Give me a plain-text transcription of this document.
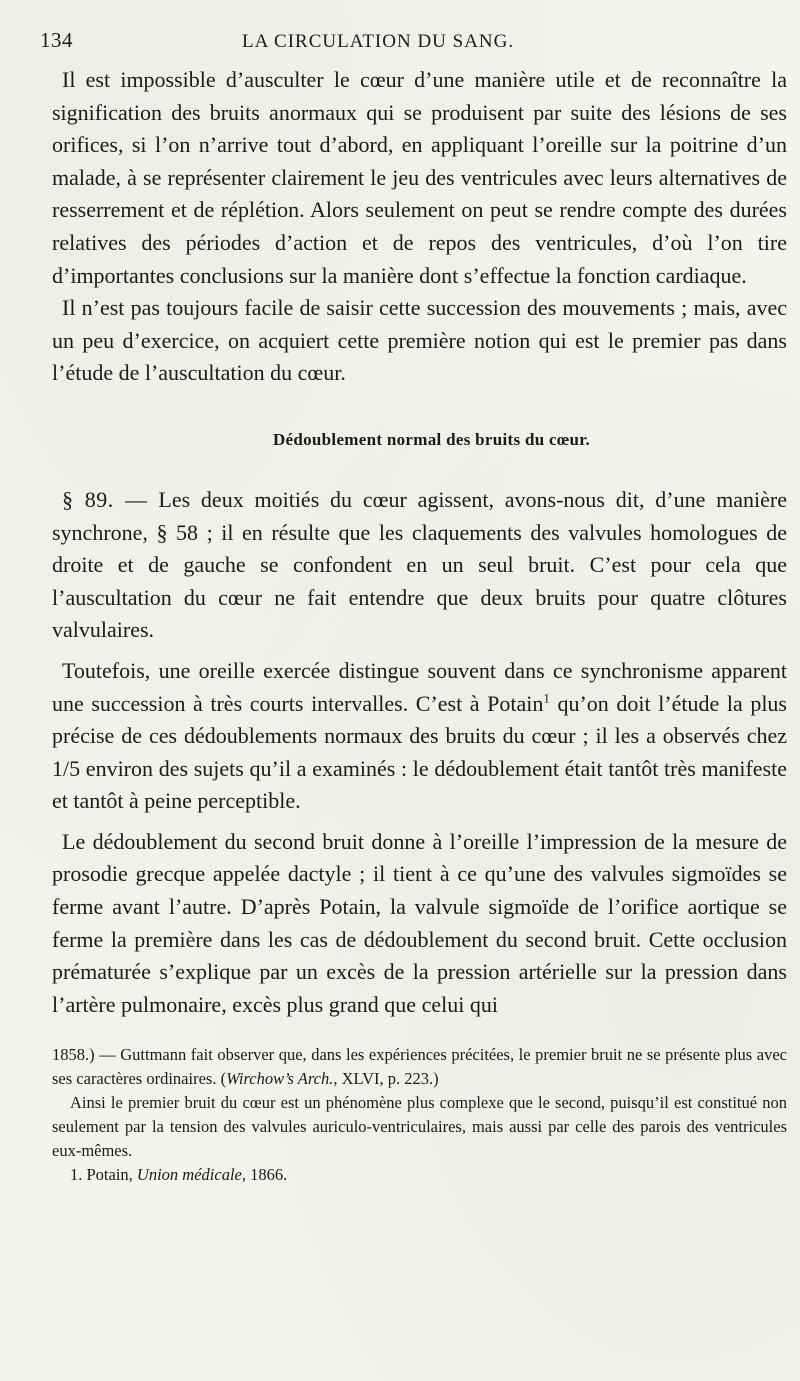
134	LA CIRCULATION DU SANG.

Il est impossible d’ausculter le cœur d’une manière utile et de reconnaître la signification des bruits anormaux qui se produisent par suite des lésions de ses orifices, si l’on n’arrive tout d’abord, en appliquant l’oreille sur la poitrine d’un malade, à se représenter clairement le jeu des ventricules avec leurs alternatives de resserrement et de réplétion. Alors seulement on peut se rendre compte des durées relatives des périodes d’action et de repos des ventricules, d’où l’on tire d’importantes conclusions sur la manière dont s’effectue la fonction cardiaque.

Il n’est pas toujours facile de saisir cette succession des mouvements ; mais, avec un peu d’exercice, on acquiert cette première notion qui est le premier pas dans l’étude de l’auscultation du cœur.

Dédoublement normal des bruits du cœur.

§ 89. — Les deux moitiés du cœur agissent, avons-nous dit, d’une manière synchrone, § 58 ; il en résulte que les claquements des valvules homologues de droite et de gauche se confondent en un seul bruit. C’est pour cela que l’auscultation du cœur ne fait entendre que deux bruits pour quatre clôtures valvulaires.

Toutefois, une oreille exercée distingue souvent dans ce synchronisme apparent une succession à très courts intervalles. C’est à Potain$^1$ qu’on doit l’étude la plus précise de ces dédoublements normaux des bruits du cœur ; il les a observés chez 1/5 environ des sujets qu’il a examinés : le dédoublement était tantôt très manifeste et tantôt à peine perceptible.

Le dédoublement du second bruit donne à l’oreille l’impression de la mesure de prosodie grecque appelée dactyle ; il tient à ce qu’une des valvules sigmoïdes se ferme avant l’autre. D’après Potain, la valvule sigmoïde de l’orifice aortique se ferme la première dans les cas de dédoublement du second bruit. Cette occlusion prématurée s’explique par un excès de la pression artérielle sur la pression dans l’artère pulmonaire, excès plus grand que celui qui

1858.) — Guttmann fait observer que, dans les expériences précitées, le premier bruit ne se présente plus avec ses caractères ordinaires. (Wirchow’s Arch., XLVI, p. 223.)

Ainsi le premier bruit du cœur est un phénomène plus complexe que le second, puisqu’il est constitué non seulement par la tension des valvules auriculo-ventriculaires, mais aussi par celle des parois des ventricules eux-mêmes.

1. Potain, Union médicale, 1866.
